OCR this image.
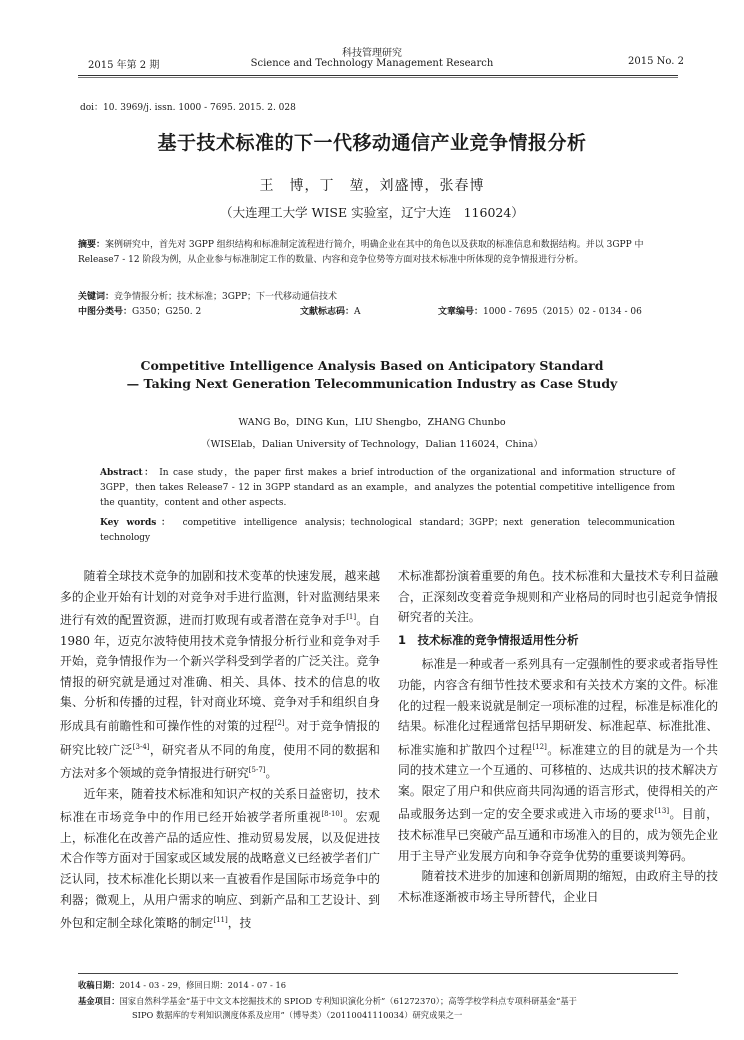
2015 年第 2 期
科技管理研究
Science and Technology Management Research	2015 No. 2
doi：10. 3969/j. issn. 1000 - 7695. 2015. 2. 028
基于技术标准的下一代移动通信产业竞争情报分析
王　博，丁　堃，刘盛博，张春博
（大连理工大学 WISE 实验室，辽宁大连　116024）
摘要：案例研究中，首先对 3GPP 组织结构和标准制定流程进行简介，明确企业在其中的角色以及获取的标准信息和数据结构。并以 3GPP 中 Release7 - 12 阶段为例，从企业参与标准制定工作的数量、内容和竞争位势等方面对技术标准中所体现的竞争情报进行分析。
关键词：竞争情报分析；技术标准；3GPP；下一代移动通信技术
中图分类号：G350；G250. 2	文献标志码：A	文章编号：1000 - 7695（2015）02 - 0134 - 06
Competitive Intelligence Analysis Based on Anticipatory Standard
— Taking Next Generation Telecommunication Industry as Case Study
WANG Bo，DING Kun，LIU Shengbo，ZHANG Chunbo
（WISElab，Dalian University of Technology，Dalian 116024，China）
Abstract： In case study，the paper first makes a brief introduction of the organizational and information structure of 3GPP，then takes Release7 - 12 in 3GPP standard as an example，and analyzes the potential competitive intelligence from the quantity，content and other aspects.
Key words： competitive intelligence analysis；technological standard；3GPP；next generation telecommunication technology

随着全球技术竞争的加剧和技术变革的快速发展，越来越多的企业开始有计划的对竞争对手进行监测，针对监测结果来进行有效的配置资源，进而打败现有或者潜在竞争对手[1]。自 1980 年，迈克尔波特使用技术竞争情报分析行业和竞争对手开始，竞争情报作为一个新兴学科受到学者的广泛关注。竞争情报的研究就是通过对准确、相关、具体、技术的信息的收集、分析和传播的过程，针对商业环境、竞争对手和组织自身形成具有前瞻性和可操作性的对策的过程[2]。对于竞争情报的研究比较广泛[3-4]，研究者从不同的角度，使用不同的数据和方法对多个领域的竞争情报进行研究[5-7]。

近年来，随着技术标准和知识产权的关系日益密切，技术标准在市场竞争中的作用已经开始被学者所重视[8-10]。宏观上，标准化在改善产品的适应性、推动贸易发展，以及促进技术合作等方面对于国家或区域发展的战略意义已经被学者们广泛认同，技术标准化长期以来一直被看作是国际市场竞争中的利器；微观上，从用户需求的响应、到新产品和工艺设计、到外包和定制全球化策略的制定[11]，技

术标准都扮演着重要的角色。技术标准和大量技术专利日益融合，正深刻改变着竞争规则和产业格局的同时也引起竞争情报研究者的关注。

1　 技术标准的竞争情报适用性分析

标准是一种或者一系列具有一定强制性的要求或者指导性功能，内容含有细节性技术要求和有关技术方案的文件。标准化的过程一般来说就是制定一项标准的过程，标准是标准化的结果。标准化过程通常包括早期研发、标准起草、标准批准、标准实施和扩散四个过程[12]。标准建立的目的就是为一个共同的技术建立一个互通的、可移植的、达成共识的技术解决方案。限定了用户和供应商共同沟通的语言形式，使得相关的产品或服务达到一定的安全要求或进入市场的要求[13]。目前，技术标准早已突破产品互通和市场准入的目的，成为领先企业用于主导产业发展方向和争夺竞争优势的重要谈判筹码。

随着技术进步的加速和创新周期的缩短，由政府主导的技术标准逐渐被市场主导所替代，企业日

收稿日期：2014 - 03 - 29，修回日期：2014 - 07 - 16
基金项目：国家自然科学基金“基于中文文本挖掘技术的 SPIOD 专利知识演化分析”（61272370）；高等学校学科点专项科研基金“基于
SIPO 数据库的专利知识测度体系及应用”（博导类）（20110041110034）研究成果之一
